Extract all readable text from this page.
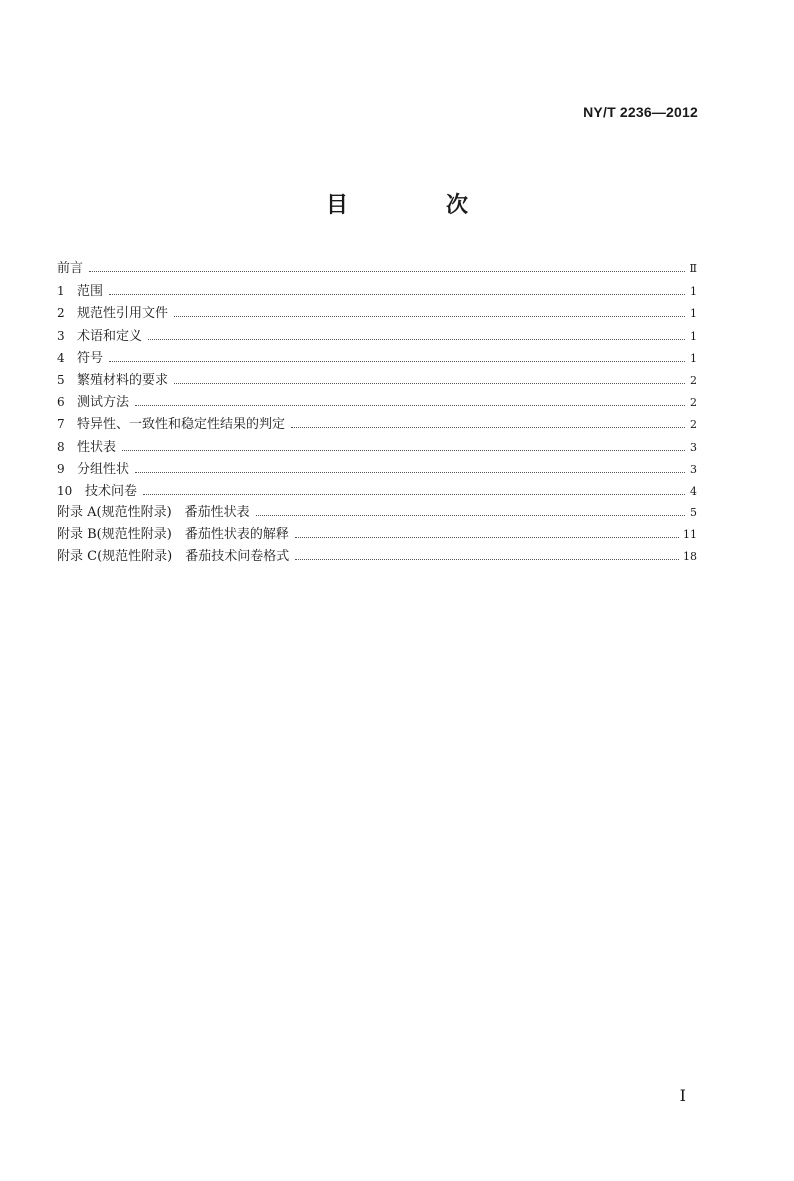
NY/T 2236—2012
目　次
前言	Ⅱ
1 范围	1
2 规范性引用文件	1
3 术语和定义	1
4 符号	1
5 繁殖材料的要求	2
6 测试方法	2
7 特异性、一致性和稳定性结果的判定	2
8 性状表	3
9 分组性状	3
10 技术问卷	4
附录 A(规范性附录)　番茄性状表	5
附录 B(规范性附录)　番茄性状表的解释	11
附录 C(规范性附录)　番茄技术问卷格式	18
I
